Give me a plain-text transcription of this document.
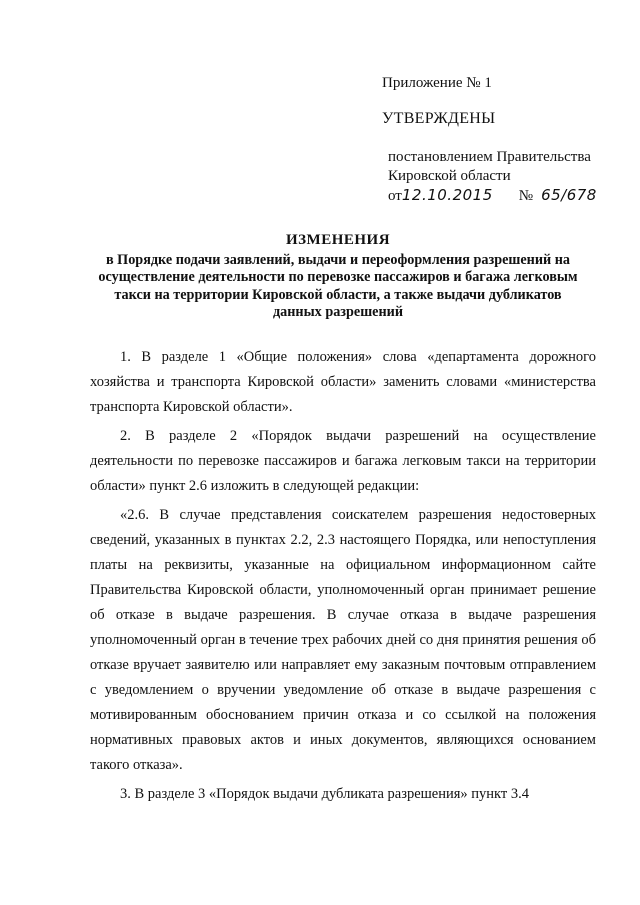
Приложение № 1
УТВЕРЖДЕНЫ
постановлением Правительства
Кировской области
от 12.10.2015 № 65/678
ИЗМЕНЕНИЯ
в Порядке подачи заявлений, выдачи и переоформления разрешений на осуществление деятельности по перевозке пассажиров и багажа легковым такси на территории Кировской области, а также выдачи дубликатов данных разрешений

1. В разделе 1 «Общие положения» слова «департамента дорожного хозяйства и транспорта Кировской области» заменить словами «министерства транспорта Кировской области».

2. В разделе 2 «Порядок выдачи разрешений на осуществление деятельности по перевозке пассажиров и багажа легковым такси на территории области» пункт 2.6 изложить в следующей редакции:

«2.6. В случае представления соискателем разрешения недостоверных сведений, указанных в пунктах 2.2, 2.3 настоящего Порядка, или непоступления платы на реквизиты, указанные на официальном информационном сайте Правительства Кировской области, уполномоченный орган принимает решение об отказе в выдаче разрешения. В случае отказа в выдаче разрешения уполномоченный орган в течение трех рабочих дней со дня принятия решения об отказе вручает заявителю или направляет ему заказным почтовым отправлением с уведомлением о вручении уведомление об отказе в выдаче разрешения с мотивированным обоснованием причин отказа и со ссылкой на положения нормативных правовых актов и иных документов, являющихся основанием такого отказа».

3. В разделе 3 «Порядок выдачи дубликата разрешения» пункт 3.4
